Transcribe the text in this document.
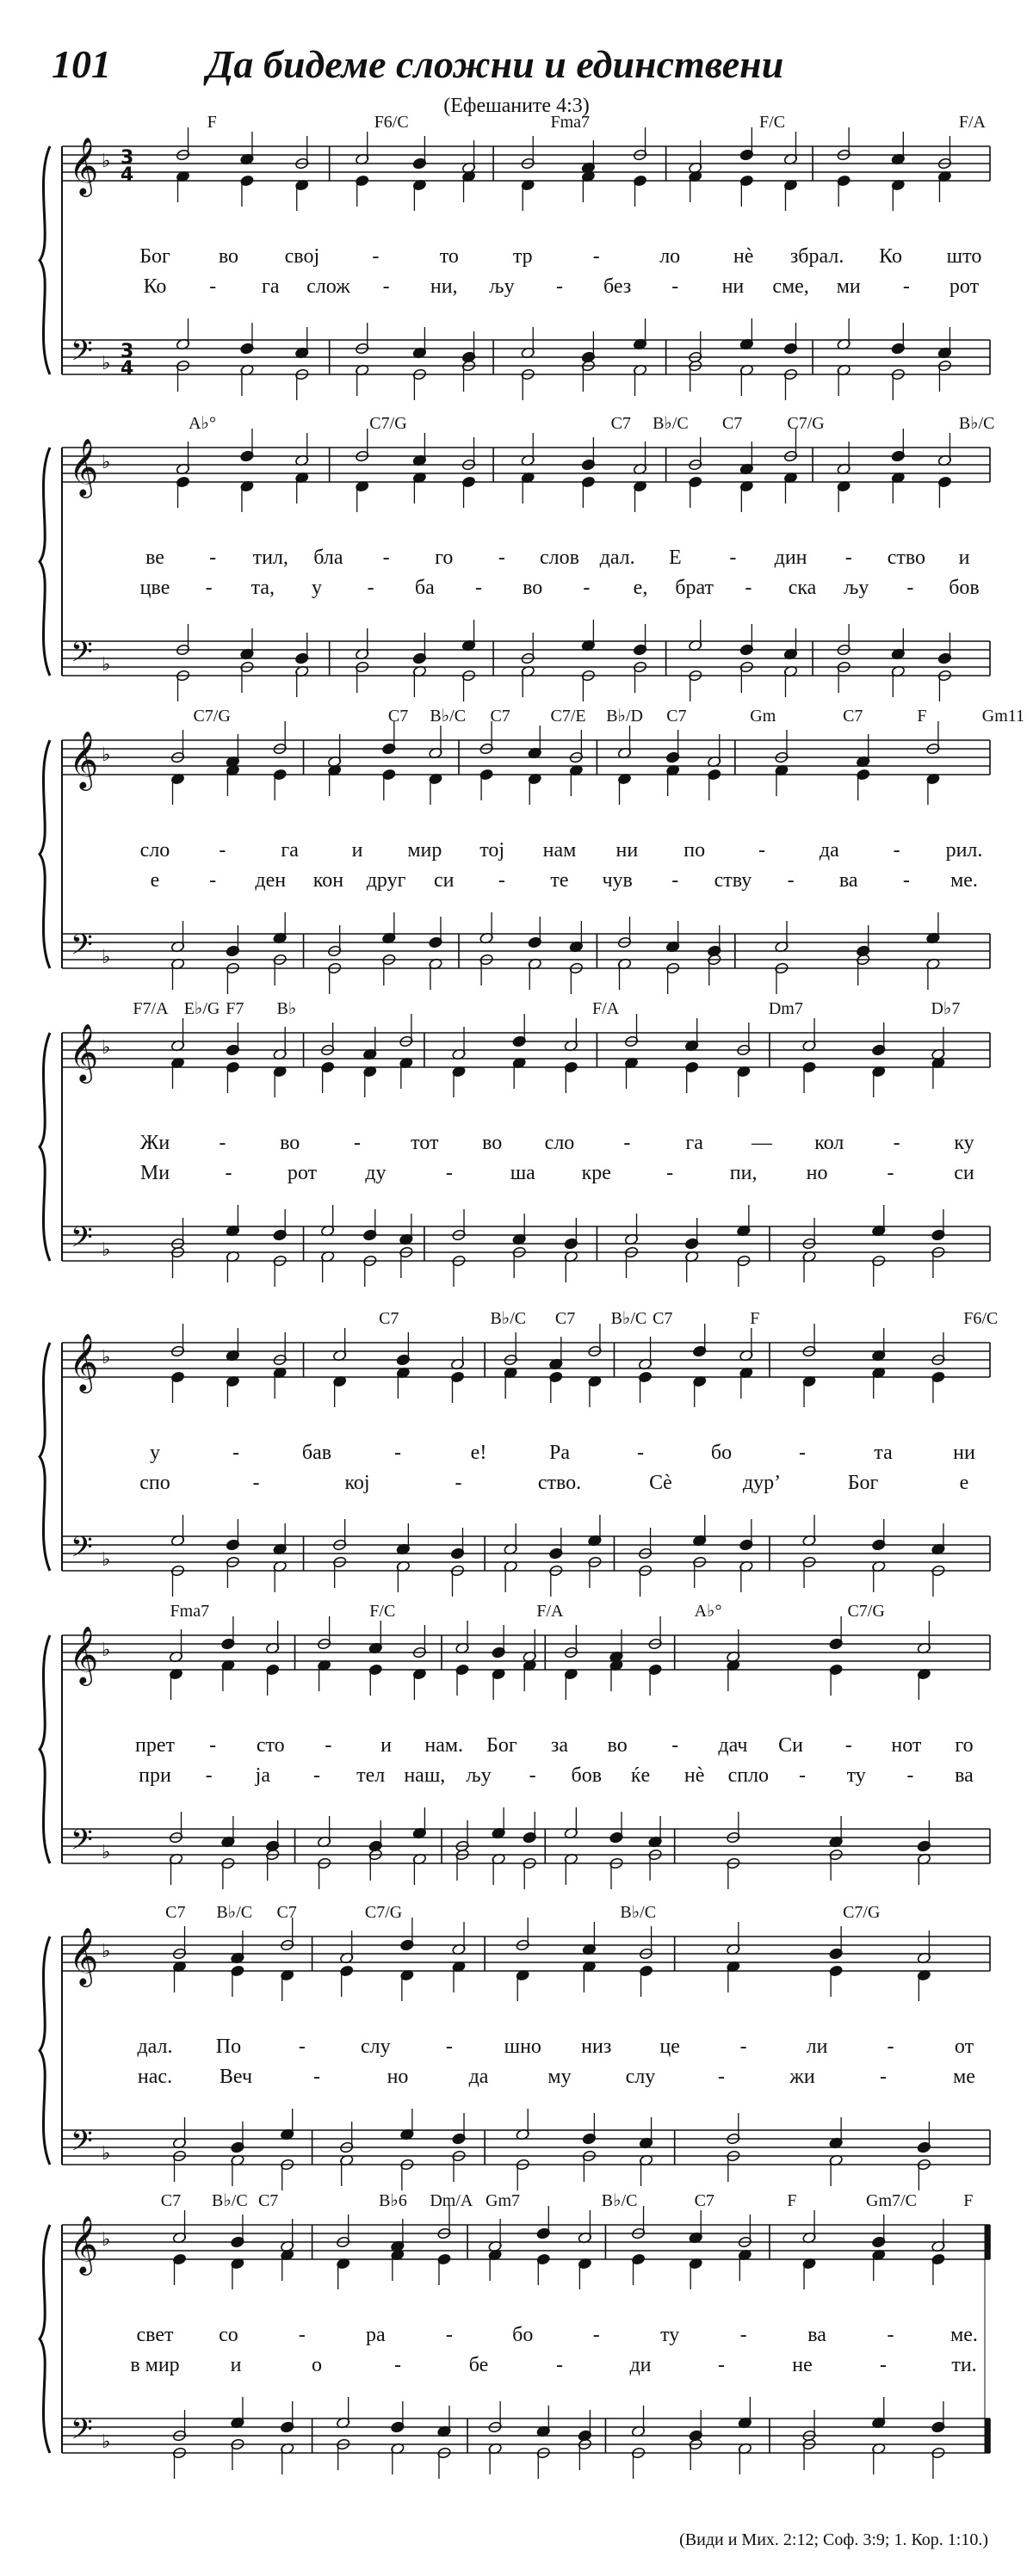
101 Да бидеме сложни и единствени
(Ефешаните 4:3)
𝄞
𝄢
♭
♭
3
4
3
4
F	F6/C	Fma7	F/C	F/A
Бог во свој	-	то	тр	-	ло	нè збрал. Ко што
Ко - га слож - ни, љу - без - ни сме, ми - рот
𝄞
𝄢
♭
♭
A♭°	C7/G	C7 B♭/C C7	C7/G	B♭/C
ве - тил, бла - го - слов дал. Е - дин - ство и
цве - та, у - ба - во - е, брат - ска љу - бов
𝄞
𝄢
♭
♭
C7/G	C7 B♭/C C7 C7/E B♭/D C7	Gm	C7	F	Gm11
сло -	га	и мир тој нам ни по	-	да	- рил.
е - ден кон друг си - те чув - ству - ва - ме.
𝄞
𝄢
♭
♭
F7/A E♭/G F7 B♭	F/A	Dm7	D♭7
Жи -	во	- тот во сло -	га — кол -	ку
Ми	-	рот ду	-	ша кре	-	пи, но	-	си
𝄞
𝄢
♭
♭
C7	B♭/C C7 B♭/C C7	F	F6/C
у	-	бав	-	е!	Ра	-	бо	-	та	ни
спо	-	кој	-	ство.	Сè	дур’	Бог	е
𝄞
𝄢
♭
♭
Fma7	F/C	F/A	A♭°	C7/G
прет - сто - и нам. Бог за во - дач Си - нот го
при - ја - тел наш, љу - бов ќе нè спло - ту - ва
𝄞
𝄢
♭
♭
C7 B♭/C C7	C7/G	B♭/C	C7/G
дал. По	-	слу	- шно низ це	-	ли	-	от
нас. Веч	-	но	да	му	слу	-	жи	-	ме
𝄞
𝄢
♭
♭
C7 B♭/C C7	B♭6 Dm/A Gm7	B♭/C	C7	F	Gm7/C	F
свет со	-	ра	-	бо	-	ту	-	ва	-	ме.
в мир и	о	-	бе	-	ди	-	не	-	ти.
(Види и Мих. 2:12; Соф. 3:9; 1. Кор. 1:10.)
